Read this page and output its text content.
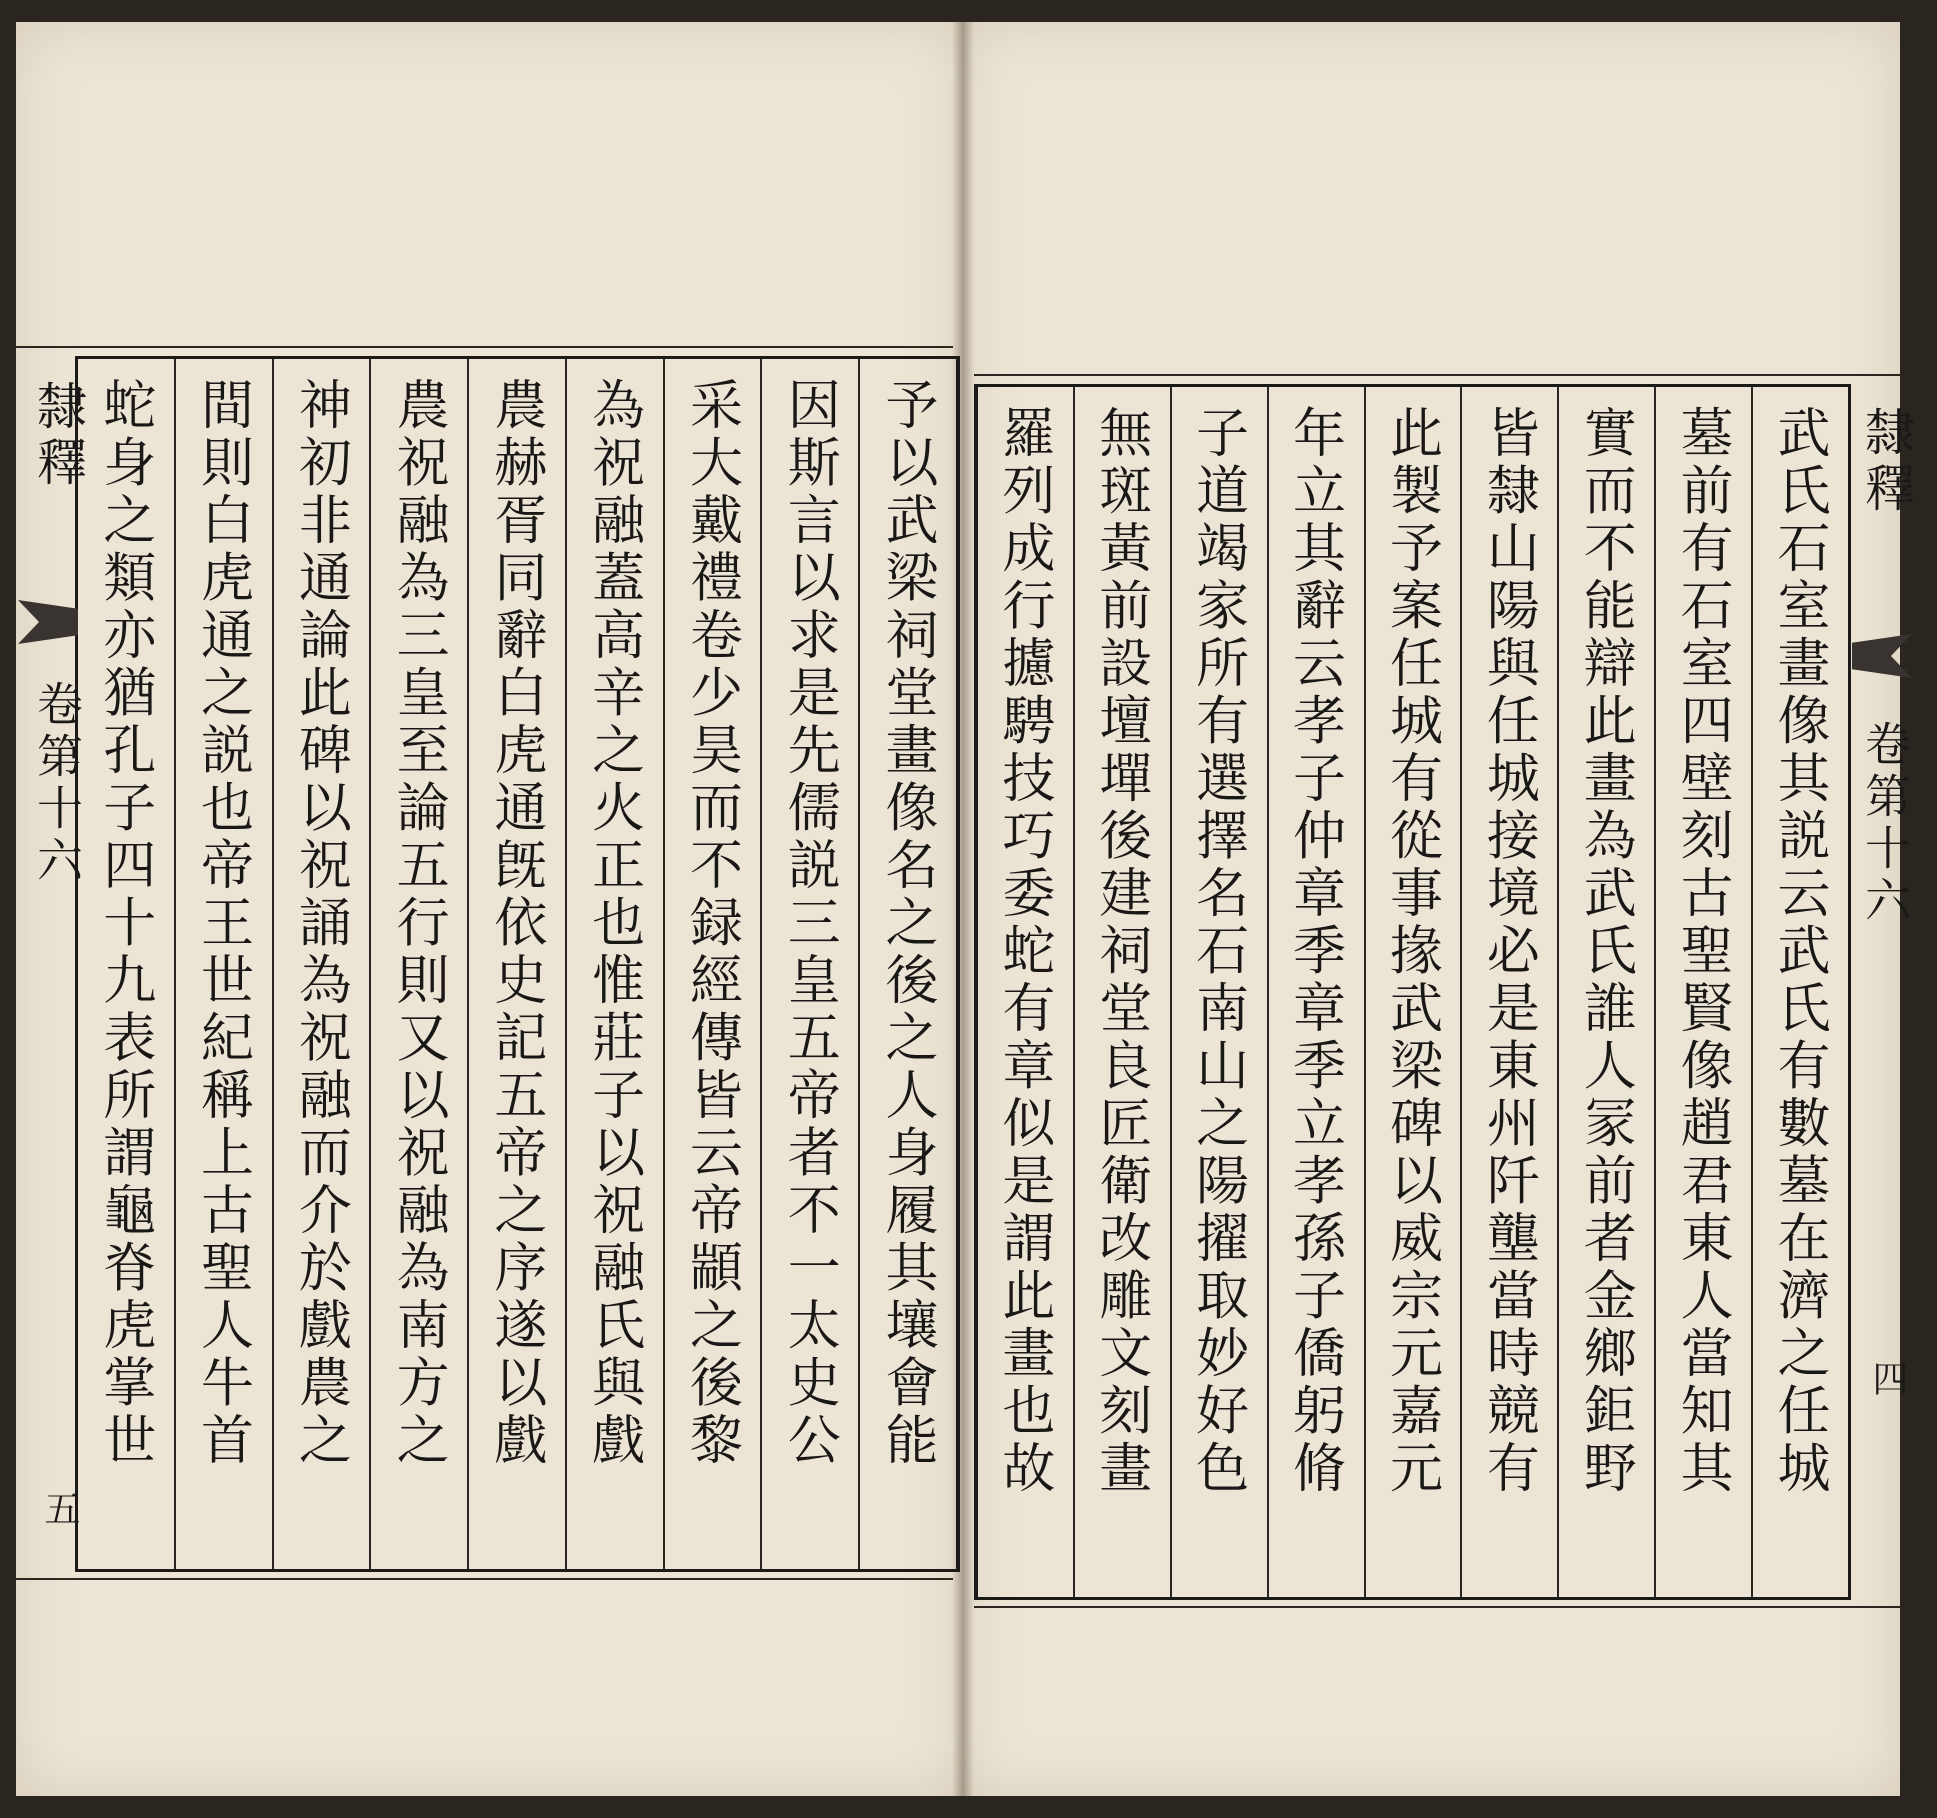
予以武梁祠堂畫像名之後之人身履其壤會能
因斯言以求是先儒説三皇五帝者不一太史公
采大戴禮卷少昊而不録經傳皆云帝顓之後黎
為祝融蓋高辛之火正也惟莊子以祝融氏與戲
農赫胥同辭白虎通旣依史記五帝之序遂以戲
農祝融為三皇至論五行則又以祝融為南方之
神初非通論此碑以祝誦為祝融而介於戲農之
間則白虎通之説也帝王世紀稱上古聖人牛首
蛇身之類亦猶孔子四十九表所謂龜脊虎掌世
隸釋
卷第十六
五
武氏石室畫像其説云武氏有數墓在濟之任城
墓前有石室四壁刻古聖賢像趙君東人當知其
實而不能辯此畫為武氏誰人冡前者金鄉鉅野
皆隸山陽與任城接境必是東州阡壟當時競有
此製予案任城有從事掾武梁碑以威宗元嘉元
年立其辭云孝子仲章季章季立孝孫子僑躬脩
子道竭家所有選擇名石南山之陽擢取妙好色
無斑黃前設壇墠後建祠堂良匠衛改雕文刻畫
羅列成行攄騁技巧委蛇有章似是謂此畫也故	隸釋
卷第十六
四
